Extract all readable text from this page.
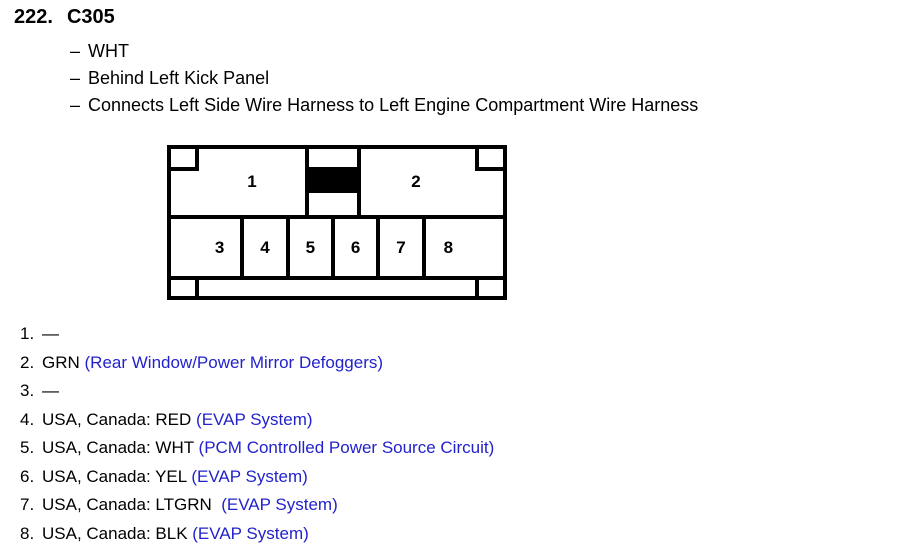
222. C305
– WHT
– Behind Left Kick Panel
– Connects Left Side Wire Harness to Left Engine Compartment Wire Harness
1	2
3 4 5 6 7 8
1. —
2. GRN (Rear Window/Power Mirror Defoggers)
3. —
4. USA, Canada: RED (EVAP System)
5. USA, Canada: WHT (PCM Controlled Power Source Circuit)
6. USA, Canada: YEL (EVAP System)
7. USA, Canada: LTGRN (EVAP System)
8. USA, Canada: BLK (EVAP System)
